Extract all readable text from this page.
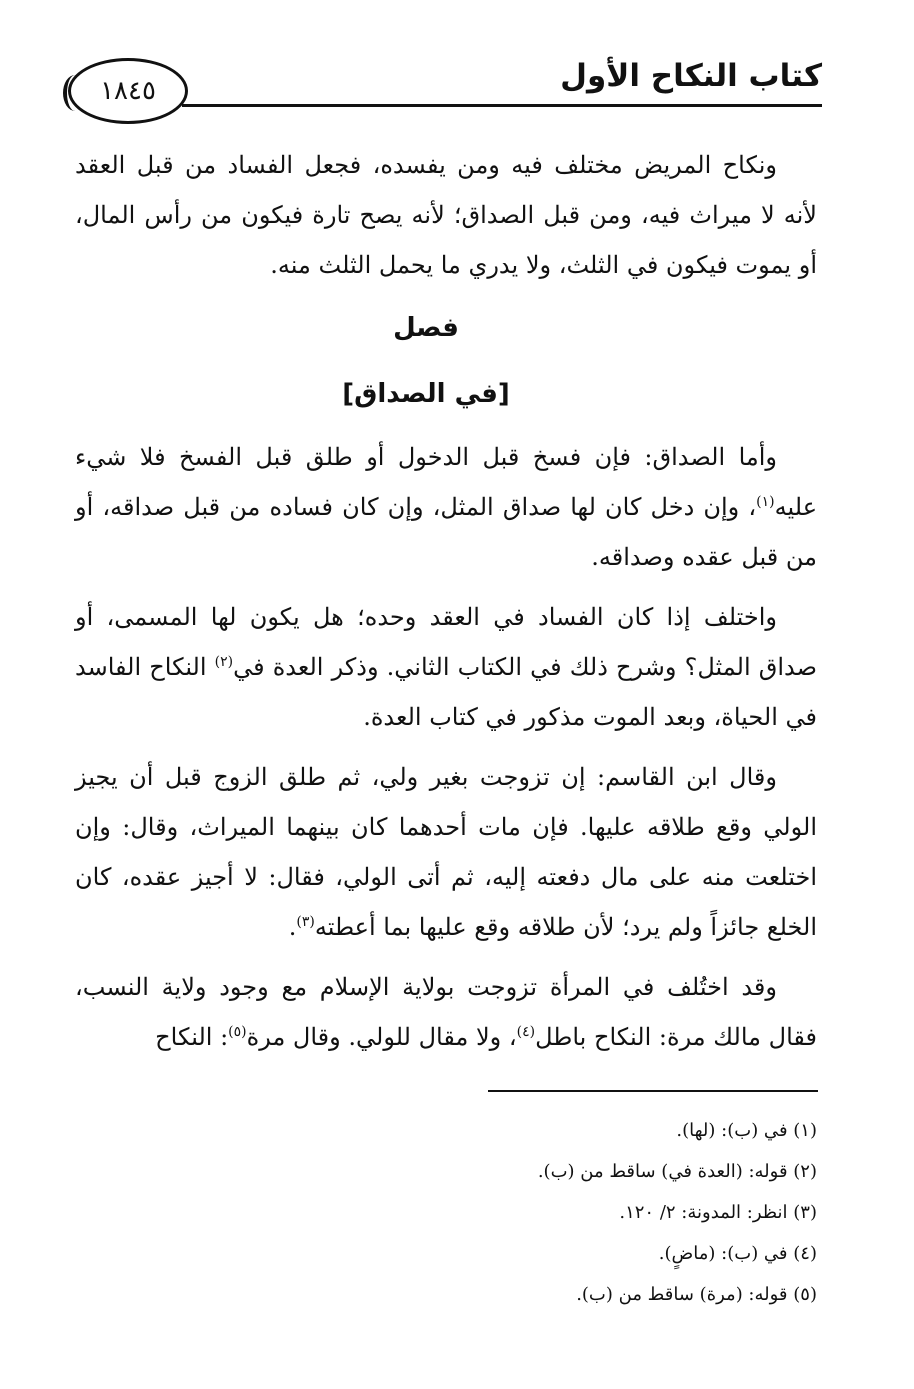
١٨٤٥	كتاب النكاح الأول

ونكاح المريض مختلف فيه ومن يفسده، فجعل الفساد من قبل العقد لأنه لا ميراث فيه، ومن قبل الصداق؛ لأنه يصح تارة فيكون من رأس المال، أو يموت فيكون في الثلث، ولا يدري ما يحمل الثلث منه.

فصل

[في الصداق]

وأما الصداق: فإن فسخ قبل الدخول أو طلق قبل الفسخ فلا شيء عليه$^{(١)}$، وإن دخل كان لها صداق المثل، وإن كان فساده من قبل صداقه، أو من قبل عقده وصداقه.

واختلف إذا كان الفساد في العقد وحده؛ هل يكون لها المسمى، أو صداق المثل؟ وشرح ذلك في الكتاب الثاني. وذكر العدة في$^{(٢)}$ النكاح الفاسد في الحياة، وبعد الموت مذكور في كتاب العدة.

وقال ابن القاسم: إن تزوجت بغير ولي، ثم طلق الزوج قبل أن يجيز الولي وقع طلاقه عليها. فإن مات أحدهما كان بينهما الميراث، وقال: وإن اختلعت منه على مال دفعته إليه، ثم أتى الولي، فقال: لا أجيز عقده، كان الخلع جائزاً ولم يرد؛ لأن طلاقه وقع عليها بما أعطته$^{(٣)}$.

وقد اختُلف في المرأة تزوجت بولاية الإسلام مع وجود ولاية النسب، فقال مالك مرة: النكاح باطل$^{(٤)}$، ولا مقال للولي. وقال مرة$^{(٥)}$: النكاح

(١) في (ب): (لها).
(٢) قوله: (العدة في) ساقط من (ب).
(٣) انظر: المدونة: ٢/ ١٢٠.
(٤) في (ب): (ماضٍ).
(٥) قوله: (مرة) ساقط من (ب).
